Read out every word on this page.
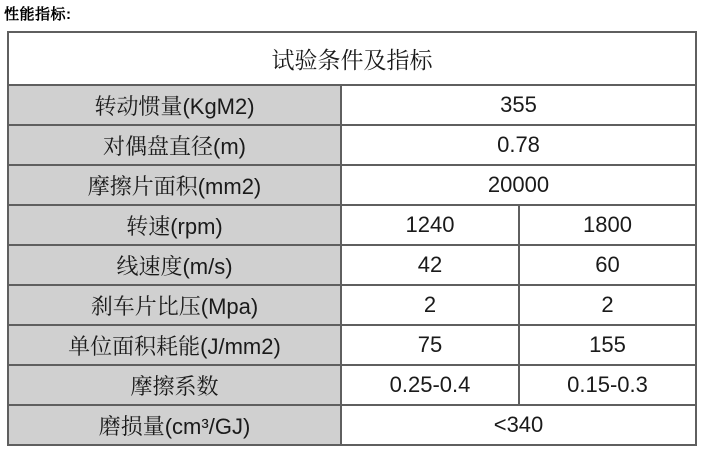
性能指标:
试验条件及指标		
转动惯量(KgM2)	355	
对偶盘直径(m)	0.78	
摩擦片面积(mm2)	20000	
转速(rpm)	1240	1800
线速度(m/s)	42	60
刹车片比压(Mpa)	2	2
单位面积耗能(J/mm2)	75	155
摩擦系数	0.25-0.4	0.15-0.3
磨损量(cm³/GJ)	<340	
